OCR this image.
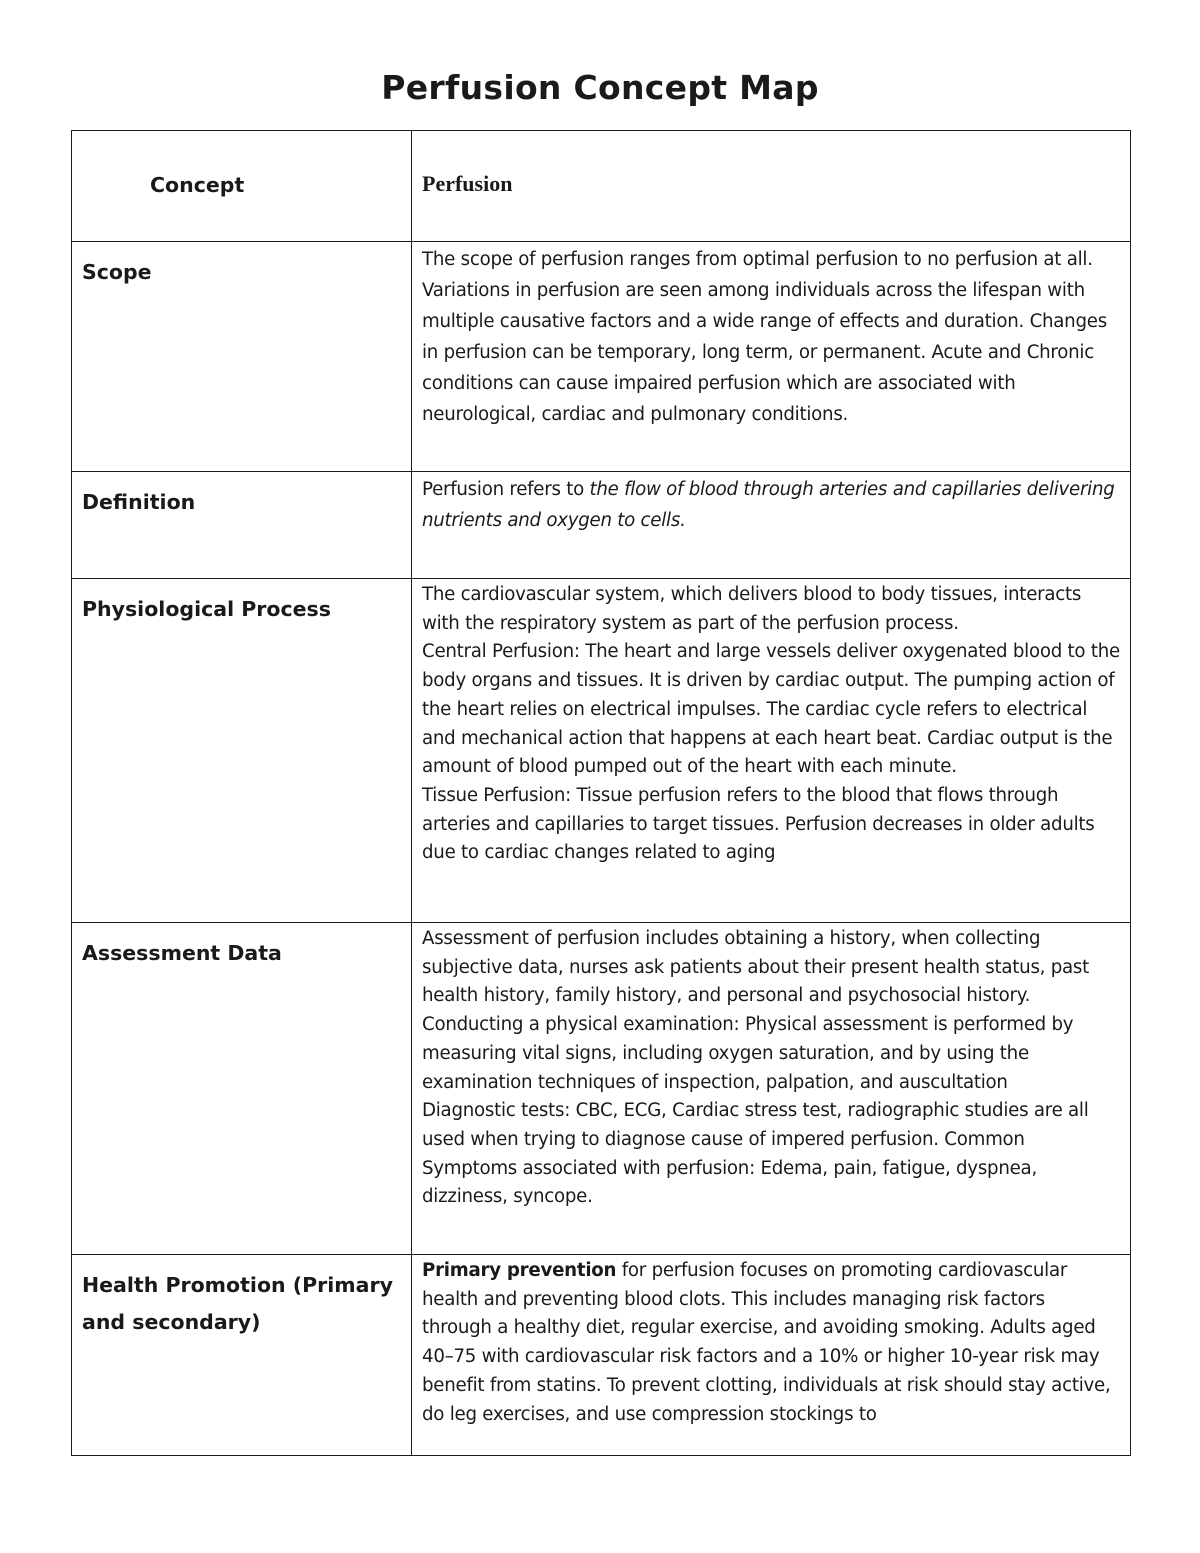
Perfusion Concept Map
Concept	Perfusion

Scope	The scope of perfusion ranges from optimal perfusion to no perfusion at all. Variations in perfusion are seen among individuals across the lifespan with multiple causative factors and a wide range of effects and duration. Changes in perfusion can be temporary, long term, or permanent. Acute and Chronic conditions can cause impaired perfusion which are associated with neurological, cardiac and pulmonary conditions.

Definition	Perfusion refers to the flow of blood through arteries and capillaries delivering nutrients and oxygen to cells.

Physiological Process	The cardiovascular system, which delivers blood to body tissues, interacts with the respiratory system as part of the perfusion process.
Central Perfusion: The heart and large vessels deliver oxygenated blood to the body organs and tissues. It is driven by cardiac output. The pumping action of the heart relies on electrical impulses. The cardiac cycle refers to electrical and mechanical action that happens at each heart beat. Cardiac output is the amount of blood pumped out of the heart with each minute.
Tissue Perfusion: Tissue perfusion refers to the blood that flows through arteries and capillaries to target tissues. Perfusion decreases in older adults due to cardiac changes related to aging

Assessment Data	Assessment of perfusion includes obtaining a history, when collecting subjective data, nurses ask patients about their present health status, past health history, family history, and personal and psychosocial history.
Conducting a physical examination: Physical assessment is performed by measuring vital signs, including oxygen saturation, and by using the examination techniques of inspection, palpation, and auscultation
Diagnostic tests: CBC, ECG, Cardiac stress test, radiographic studies are all used when trying to diagnose cause of impered perfusion. Common Symptoms associated with perfusion: Edema, pain, fatigue, dyspnea, dizziness, syncope.

Health Promotion (Primary and secondary)	Primary prevention for perfusion focuses on promoting cardiovascular health and preventing blood clots. This includes managing risk factors through a healthy diet, regular exercise, and avoiding smoking. Adults aged 40–75 with cardiovascular risk factors and a 10% or higher 10-year risk may benefit from statins. To prevent clotting, individuals at risk should stay active, do leg exercises, and use compression stockings to
